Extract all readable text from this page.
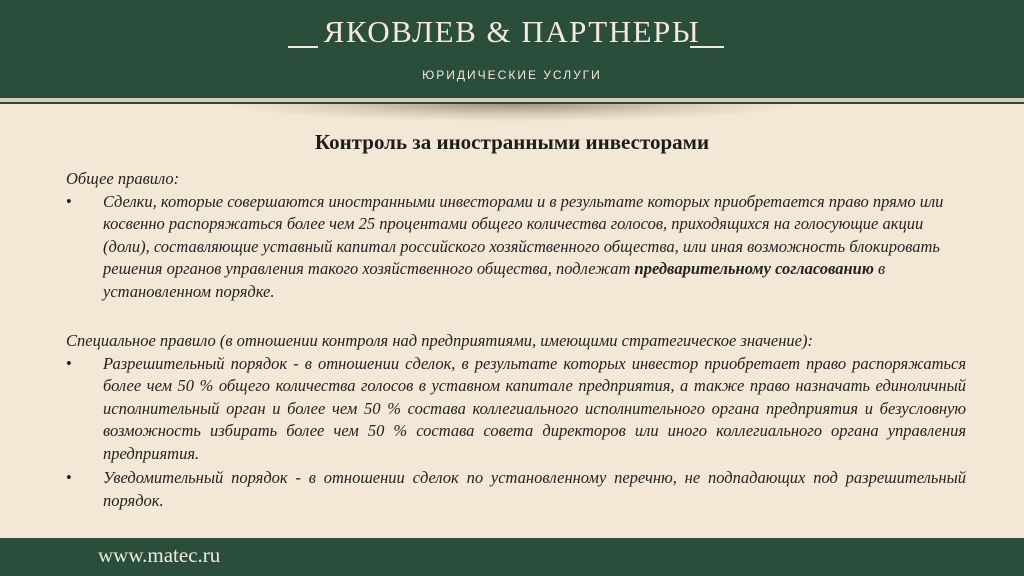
ЯКОВЛЕВ & ПАРТНЕРЫ
ЮРИДИЧЕСКИЕ УСЛУГИ
Контроль за иностранными инвесторами

Общее правило:

• Сделки, которые совершаются иностранными инвесторами и в результате которых приобретается право прямо или косвенно распоряжаться более чем 25 процентами общего количества голосов, приходящихся на голосующие акции (доли), составляющие уставный капитал российского хозяйственного общества, или иная возможность блокировать решения органов управления такого хозяйственного общества, подлежат предварительному согласованию в установленном порядке.

Специальное правило (в отношении контроля над предприятиями, имеющими стратегическое значение):

• Разрешительный порядок - в отношении сделок, в результате которых инвестор приобретает право распоряжаться более чем 50 % общего количества голосов в уставном капитале предприятия, а также право назначать единоличный исполнительный орган и более чем 50 % состава коллегиального исполнительного органа предприятия и безусловную возможность избирать более чем 50 % состава совета директоров или иного коллегиального органа управления предприятия.
• Уведомительный порядок - в отношении сделок по установленному перечню, не подпадающих под разрешительный порядок.
www.matec.ru
